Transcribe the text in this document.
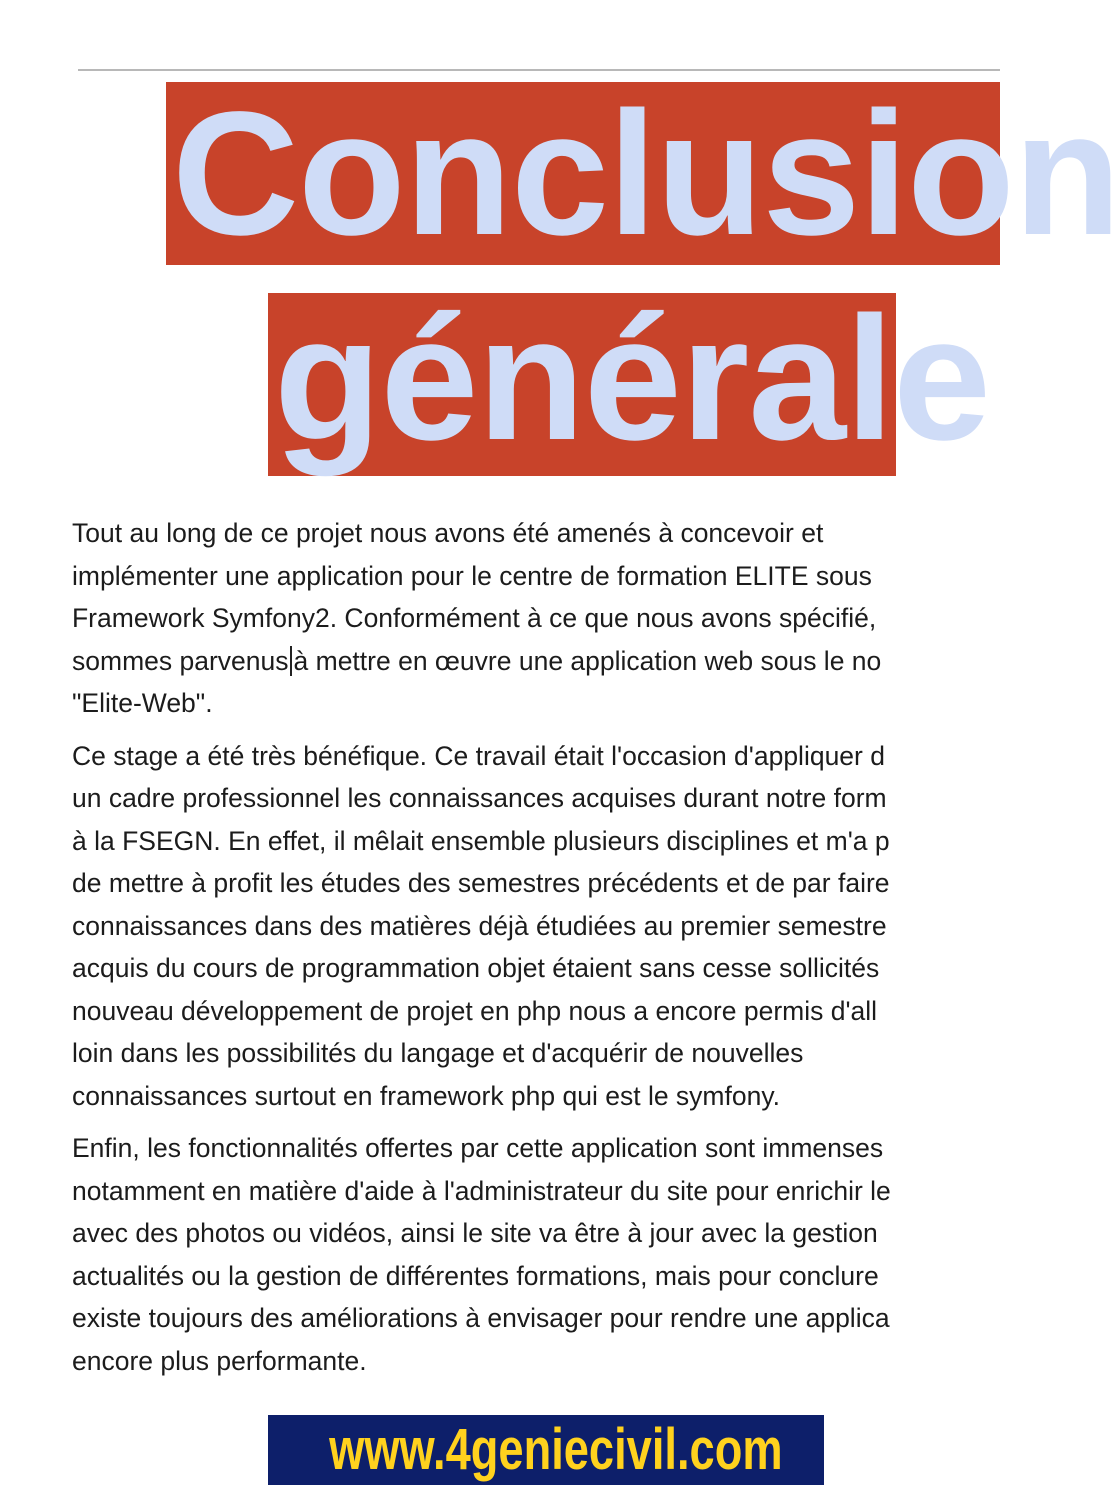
Conclusion
générale
Tout au long de ce projet nous avons été amenés à concevoir et
implémenter une application pour le centre de formation ELITE sous
Framework Symfony2. Conformément à ce que nous avons spécifié,
sommes parvenus à mettre en œuvre une application web sous le no
"Elite-Web".
Ce stage a été très bénéfique. Ce travail était l'occasion d'appliquer d
un cadre professionnel les connaissances acquises durant notre form
à la FSEGN. En effet, il mêlait ensemble plusieurs disciplines et m'a p
de mettre à profit les études des semestres précédents et de par faire
connaissances dans des matières déjà étudiées au premier semestre
acquis du cours de programmation objet étaient sans cesse sollicités
nouveau développement de projet en php nous a encore permis d'all
loin dans les possibilités du langage et d'acquérir de nouvelles
connaissances surtout en framework php qui est le symfony.
Enfin, les fonctionnalités offertes par cette application sont immenses
notamment en matière d'aide à l'administrateur du site pour enrichir le
avec des photos ou vidéos, ainsi le site va être à jour avec la gestion
actualités ou la gestion de différentes formations, mais pour conclure
existe toujours des améliorations à envisager pour rendre une applica
encore plus performante.
www.4geniecivil.com
